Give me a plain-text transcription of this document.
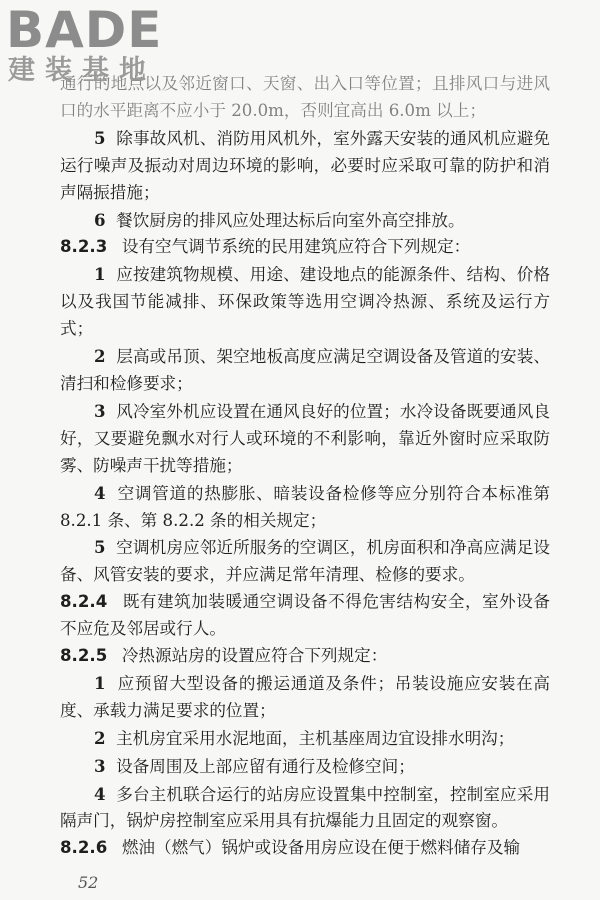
BADE
建装基地

通行的地点以及邻近窗口、天窗、出入口等位置；且排风口与进风口的水平距离不应小于 20.0m，否则宜高出 6.0m 以上；

5 除事故风机、消防用风机外，室外露天安装的通风机应避免运行噪声及振动对周边环境的影响，必要时应采取可靠的防护和消声隔振措施；

6 餐饮厨房的排风应处理达标后向室外高空排放。

8.2.3 设有空气调节系统的民用建筑应符合下列规定：

1 应按建筑物规模、用途、建设地点的能源条件、结构、价格以及我国节能减排、环保政策等选用空调冷热源、系统及运行方式；

2 层高或吊顶、架空地板高度应满足空调设备及管道的安装、清扫和检修要求；

3 风冷室外机应设置在通风良好的位置；水冷设备既要通风良好，又要避免飘水对行人或环境的不利影响，靠近外窗时应采取防雾、防噪声干扰等措施；

4 空调管道的热膨胀、暗装设备检修等应分别符合本标准第 8.2.1 条、第 8.2.2 条的相关规定；

5 空调机房应邻近所服务的空调区，机房面积和净高应满足设备、风管安装的要求，并应满足常年清理、检修的要求。

8.2.4 既有建筑加装暖通空调设备不得危害结构安全，室外设备不应危及邻居或行人。

8.2.5 冷热源站房的设置应符合下列规定：

1 应预留大型设备的搬运通道及条件；吊装设施应安装在高度、承载力满足要求的位置；

2 主机房宜采用水泥地面，主机基座周边宜设排水明沟；

3 设备周围及上部应留有通行及检修空间；

4 多台主机联合运行的站房应设置集中控制室，控制室应采用隔声门，锅炉房控制室应采用具有抗爆能力且固定的观察窗。

8.2.6 燃油（燃气）锅炉或设备用房应设在便于燃料储存及输

52
